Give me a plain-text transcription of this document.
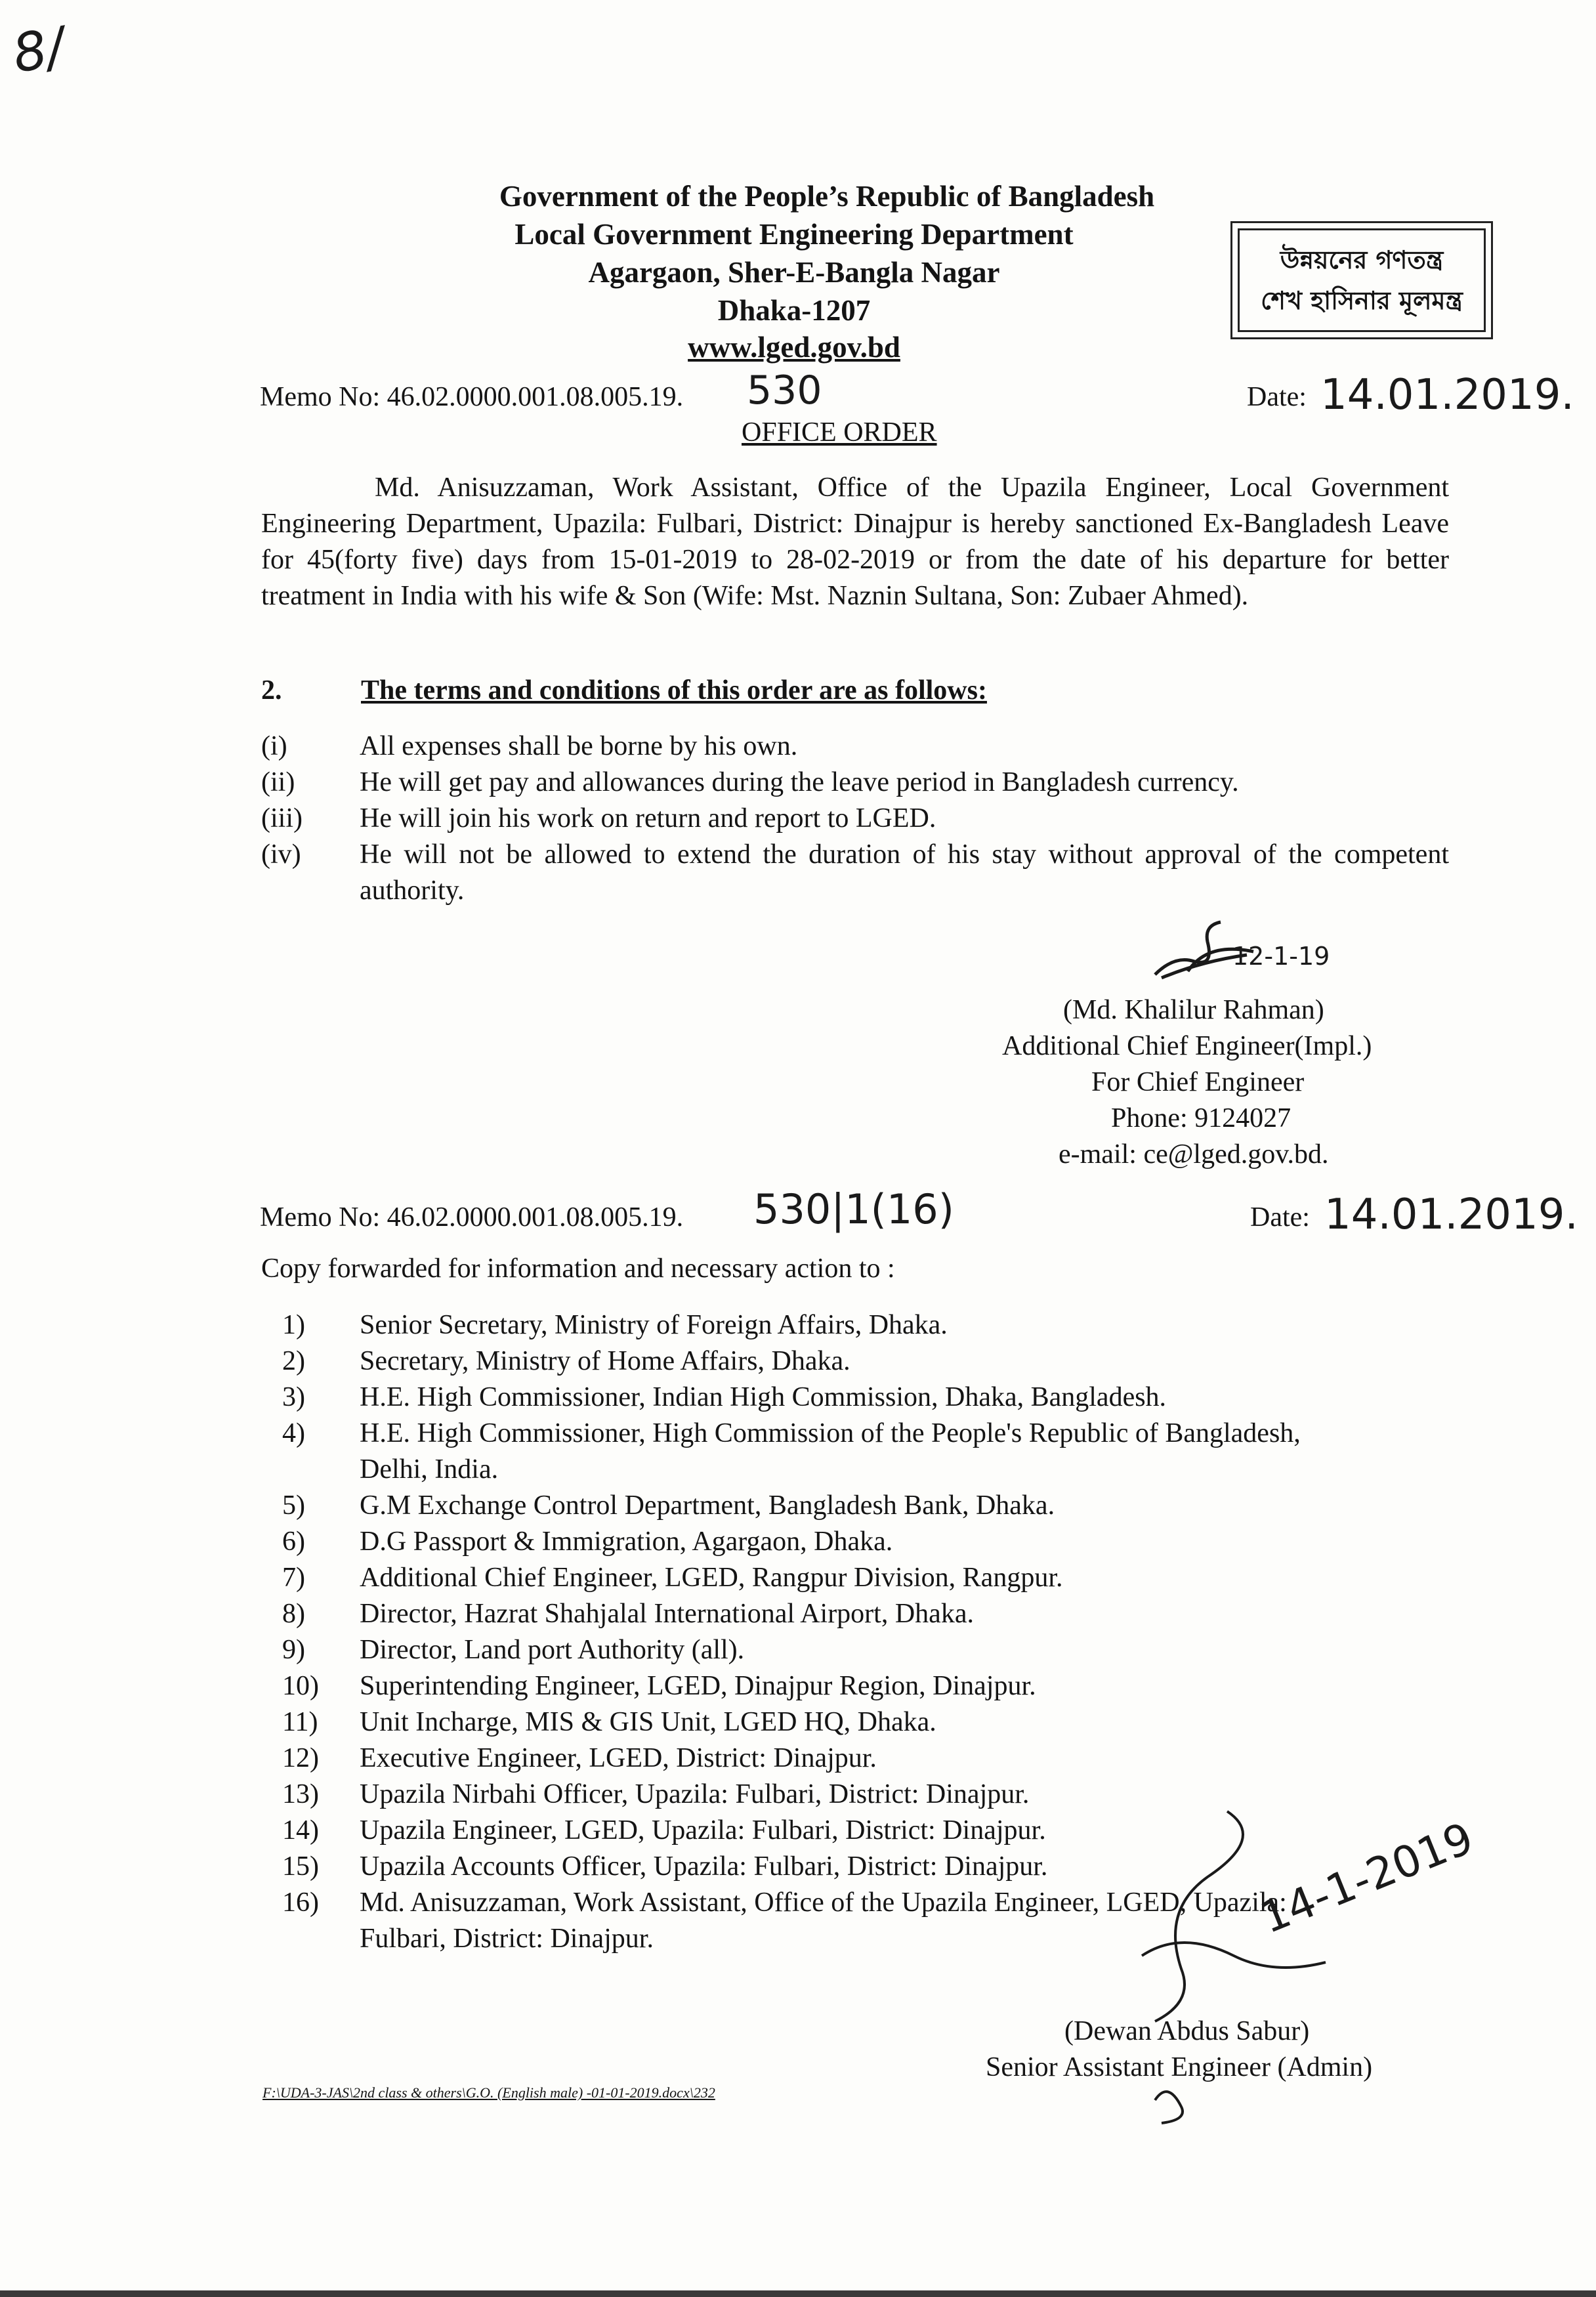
8/
Government of the People’s Republic of Bangladesh
Local Government Engineering Department
Agargaon, Sher-E-Bangla Nagar
Dhaka-1207
www.lged.gov.bd
উন্নয়নের গণতন্ত্র
শেখ হাসিনার মূলমন্ত্র
Memo No: 46.02.0000.001.08.005.19. 530	Date: 14.01.2019.
OFFICE ORDER
Md. Anisuzzaman, Work Assistant, Office of the Upazila Engineer, Local Government Engineering Department, Upazila: Fulbari, District: Dinajpur is hereby sanctioned Ex-Bangladesh Leave for 45(forty five) days from 15-01-2019 to 28-02-2019 or from the date of his departure for better treatment in India with his wife & Son (Wife: Mst. Naznin Sultana, Son: Zubaer Ahmed).
2.	The terms and conditions of this order are as follows:
(i)	All expenses shall be borne by his own.
(ii) He will get pay and allowances during the leave period in Bangladesh currency.
(iii) He will join his work on return and report to LGED.
(iv) He will not be allowed to extend the duration of his stay without approval of the competent authority.
12-1-19
(Md. Khalilur Rahman)
Additional Chief Engineer(Impl.)
For Chief Engineer
Phone: 9124027
e-mail: ce@lged.gov.bd.
Memo No: 46.02.0000.001.08.005.19. 530|1(16)	Date: 14.01.2019.
Copy forwarded for information and necessary action to :
1) Senior Secretary, Ministry of Foreign Affairs, Dhaka.
2) Secretary, Ministry of Home Affairs, Dhaka.
3) H.E. High Commissioner, Indian High Commission, Dhaka, Bangladesh.
4) H.E. High Commissioner, High Commission of the People's Republic of Bangladesh,
Delhi, India.
5) G.M Exchange Control Department, Bangladesh Bank, Dhaka.
6) D.G Passport & Immigration, Agargaon, Dhaka.
7) Additional Chief Engineer, LGED, Rangpur Division, Rangpur.
8) Director, Hazrat Shahjalal International Airport, Dhaka.
9) Director, Land port Authority (all).
10) Superintending Engineer, LGED, Dinajpur Region, Dinajpur.
11) Unit Incharge, MIS & GIS Unit, LGED HQ, Dhaka.
12) Executive Engineer, LGED, District: Dinajpur.
13) Upazila Nirbahi Officer, Upazila: Fulbari, District: Dinajpur.
14) Upazila Engineer, LGED, Upazila: Fulbari, District: Dinajpur.
15) Upazila Accounts Officer, Upazila: Fulbari, District: Dinajpur.
16) Md. Anisuzzaman, Work Assistant, Office of the Upazila Engineer, LGED, Upazila:
Fulbari, District: Dinajpur.	14-1-2019
(Dewan Abdus Sabur)
Senior Assistant Engineer (Admin)
F:\UDA-3-JAS\2nd class & others\G.O. (English male) -01-01-2019.docx\232
